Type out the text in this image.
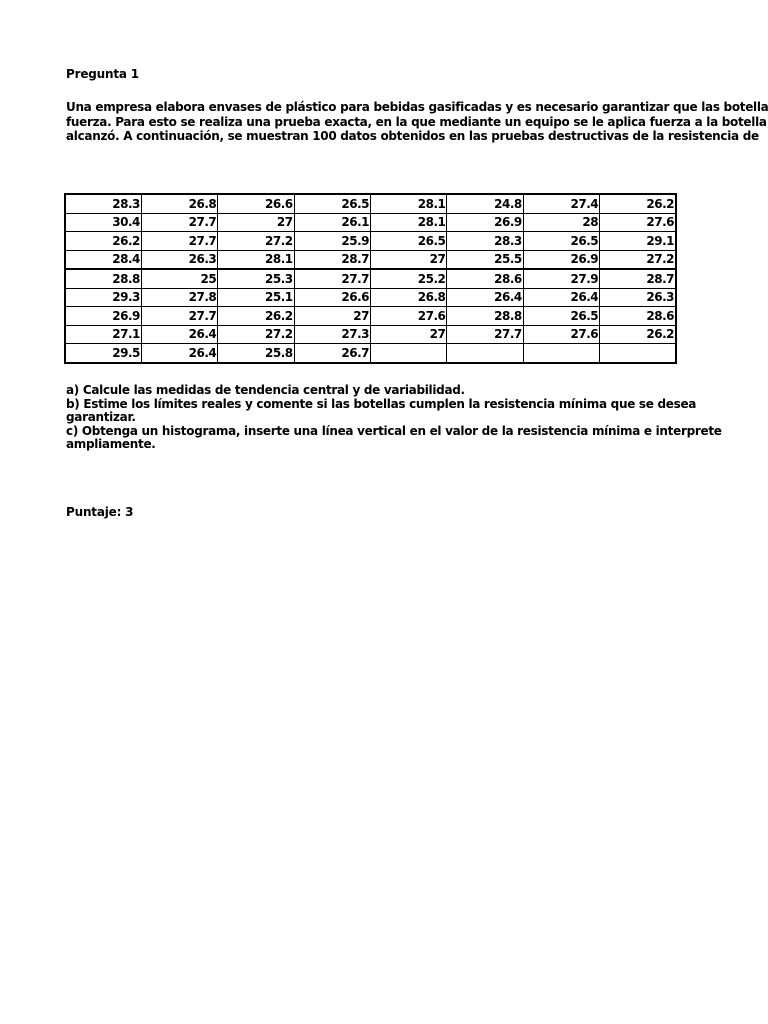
Pregunta 1
Una empresa elabora envases de plástico para bebidas gasificadas y es necesario garantizar que las botella
fuerza. Para esto se realiza una prueba exacta, en la que mediante un equipo se le aplica fuerza a la botella
alcanzó. A continuación, se muestran 100 datos obtenidos en las pruebas destructivas de la resistencia de
28.3	26.8	26.6	26.5	28.1	24.8	27.4	26.2
30.4	27.7	27	26.1	28.1	26.9	28	27.6
26.2	27.7	27.2	25.9	26.5	28.3	26.5	29.1
28.4	26.3	28.1	28.7	27	25.5	26.9	27.2
28.8	25	25.3	27.7	25.2	28.6	27.9	28.7
29.3	27.8	25.1	26.6	26.8	26.4	26.4	26.3
26.9	27.7	26.2	27	27.6	28.8	26.5	28.6
27.1	26.4	27.2	27.3	27	27.7	27.6	26.2
29.5	26.4	25.8	26.7				
a) Calcule las medidas de tendencia central y de variabilidad.
b) Estime los límites reales y comente si las botellas cumplen la resistencia mínima que se desea
garantizar.
c) Obtenga un histograma, inserte una línea vertical en el valor de la resistencia mínima e interprete
ampliamente.
Puntaje: 3
